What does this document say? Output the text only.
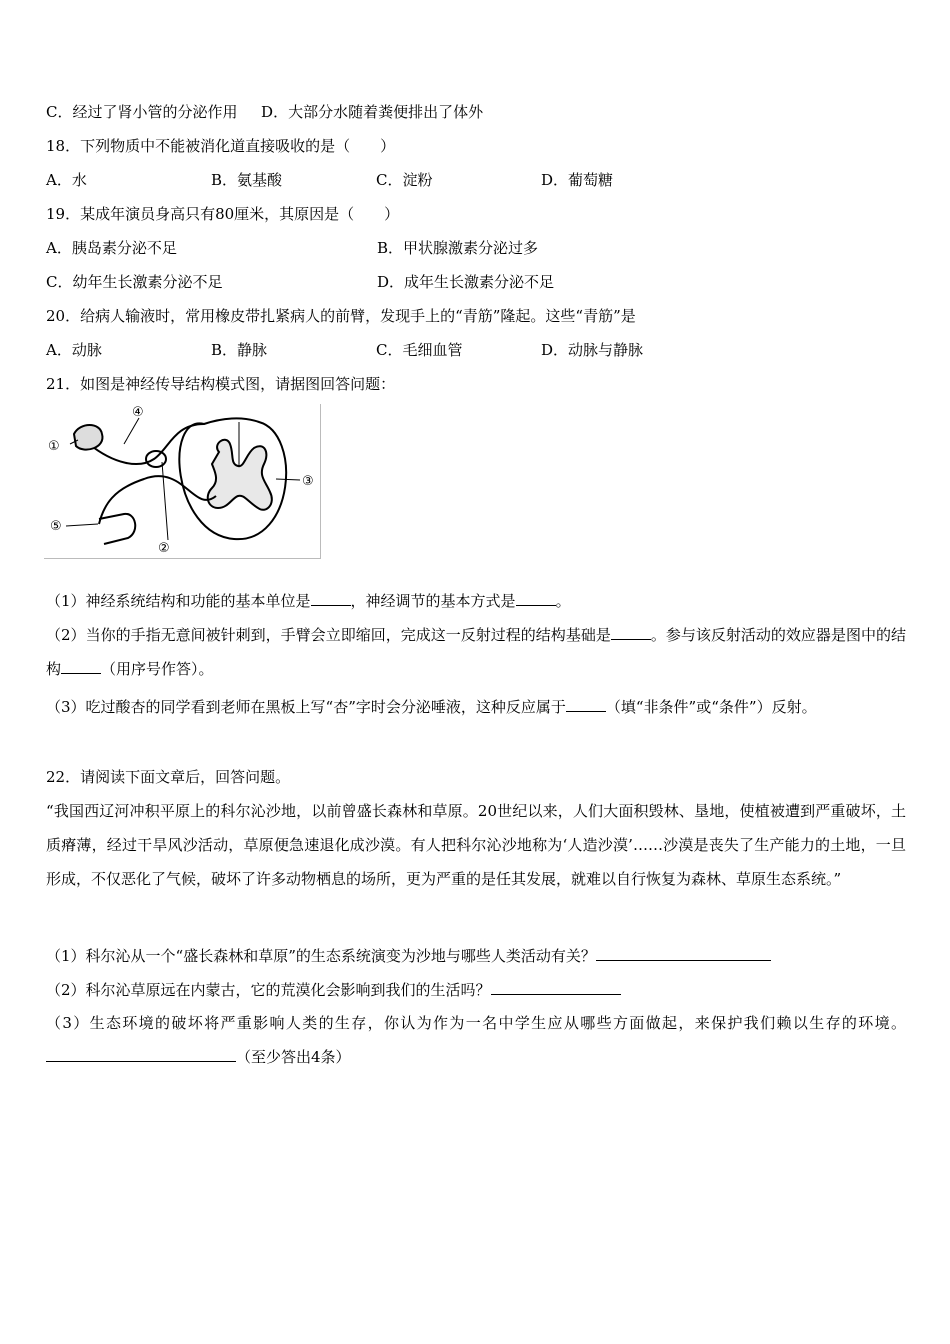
C．经过了肾小管的分泌作用 D．大部分水随着粪便排出了体外
18．下列物质中不能被消化道直接吸收的是（　　）
A．水	B．氨基酸	C．淀粉	D．葡萄糖
19．某成年演员身高只有80厘米，其原因是（　　）
A．胰岛素分泌不足	B．甲状腺激素分泌过多
C．幼年生长激素分泌不足	D．成年生长激素分泌不足
20．给病人输液时，常用橡皮带扎紧病人的前臂，发现手上的“青筋”隆起。这些“青筋”是
A．动脉	B．静脉	C．毛细血管	D．动脉与静脉
21．如图是神经传导结构模式图，请据图回答问题：
①
②
③
④
⑤
（1）神经系统结构和功能的基本单位是	，神经调节的基本方式是	。
（2）当你的手指无意间被针刺到，手臂会立即缩回，完成这一反射过程的结构基础是	。参与该反射活动的效应器是图中的结构	（用序号作答）。
（3）吃过酸杏的同学看到老师在黑板上写“杏”字时会分泌唾液，这种反应属于	（填“非条件”或“条件”）反射。
22．请阅读下面文章后，回答问题。
“我国西辽河冲积平原上的科尔沁沙地，以前曾盛长森林和草原。20世纪以来，人们大面积毁林、垦地，使植被遭到严重破坏，土质瘠薄，经过干旱风沙活动，草原便急速退化成沙漠。有人把科尔沁沙地称为‘人造沙漠’……沙漠是丧失了生产能力的土地，一旦形成，不仅恶化了气候，破坏了许多动物栖息的场所，更为严重的是任其发展，就难以自行恢复为森林、草原生态系统。”
（1）科尔沁从一个“盛长森林和草原”的生态系统演变为沙地与哪些人类活动有关？
（2）科尔沁草原远在内蒙古，它的荒漠化会影响到我们的生活吗？
（3）生态环境的破坏将严重影响人类的生存，你认为作为一名中学生应从哪些方面做起，来保护我们赖以生存的环境。（至少答出4条）
